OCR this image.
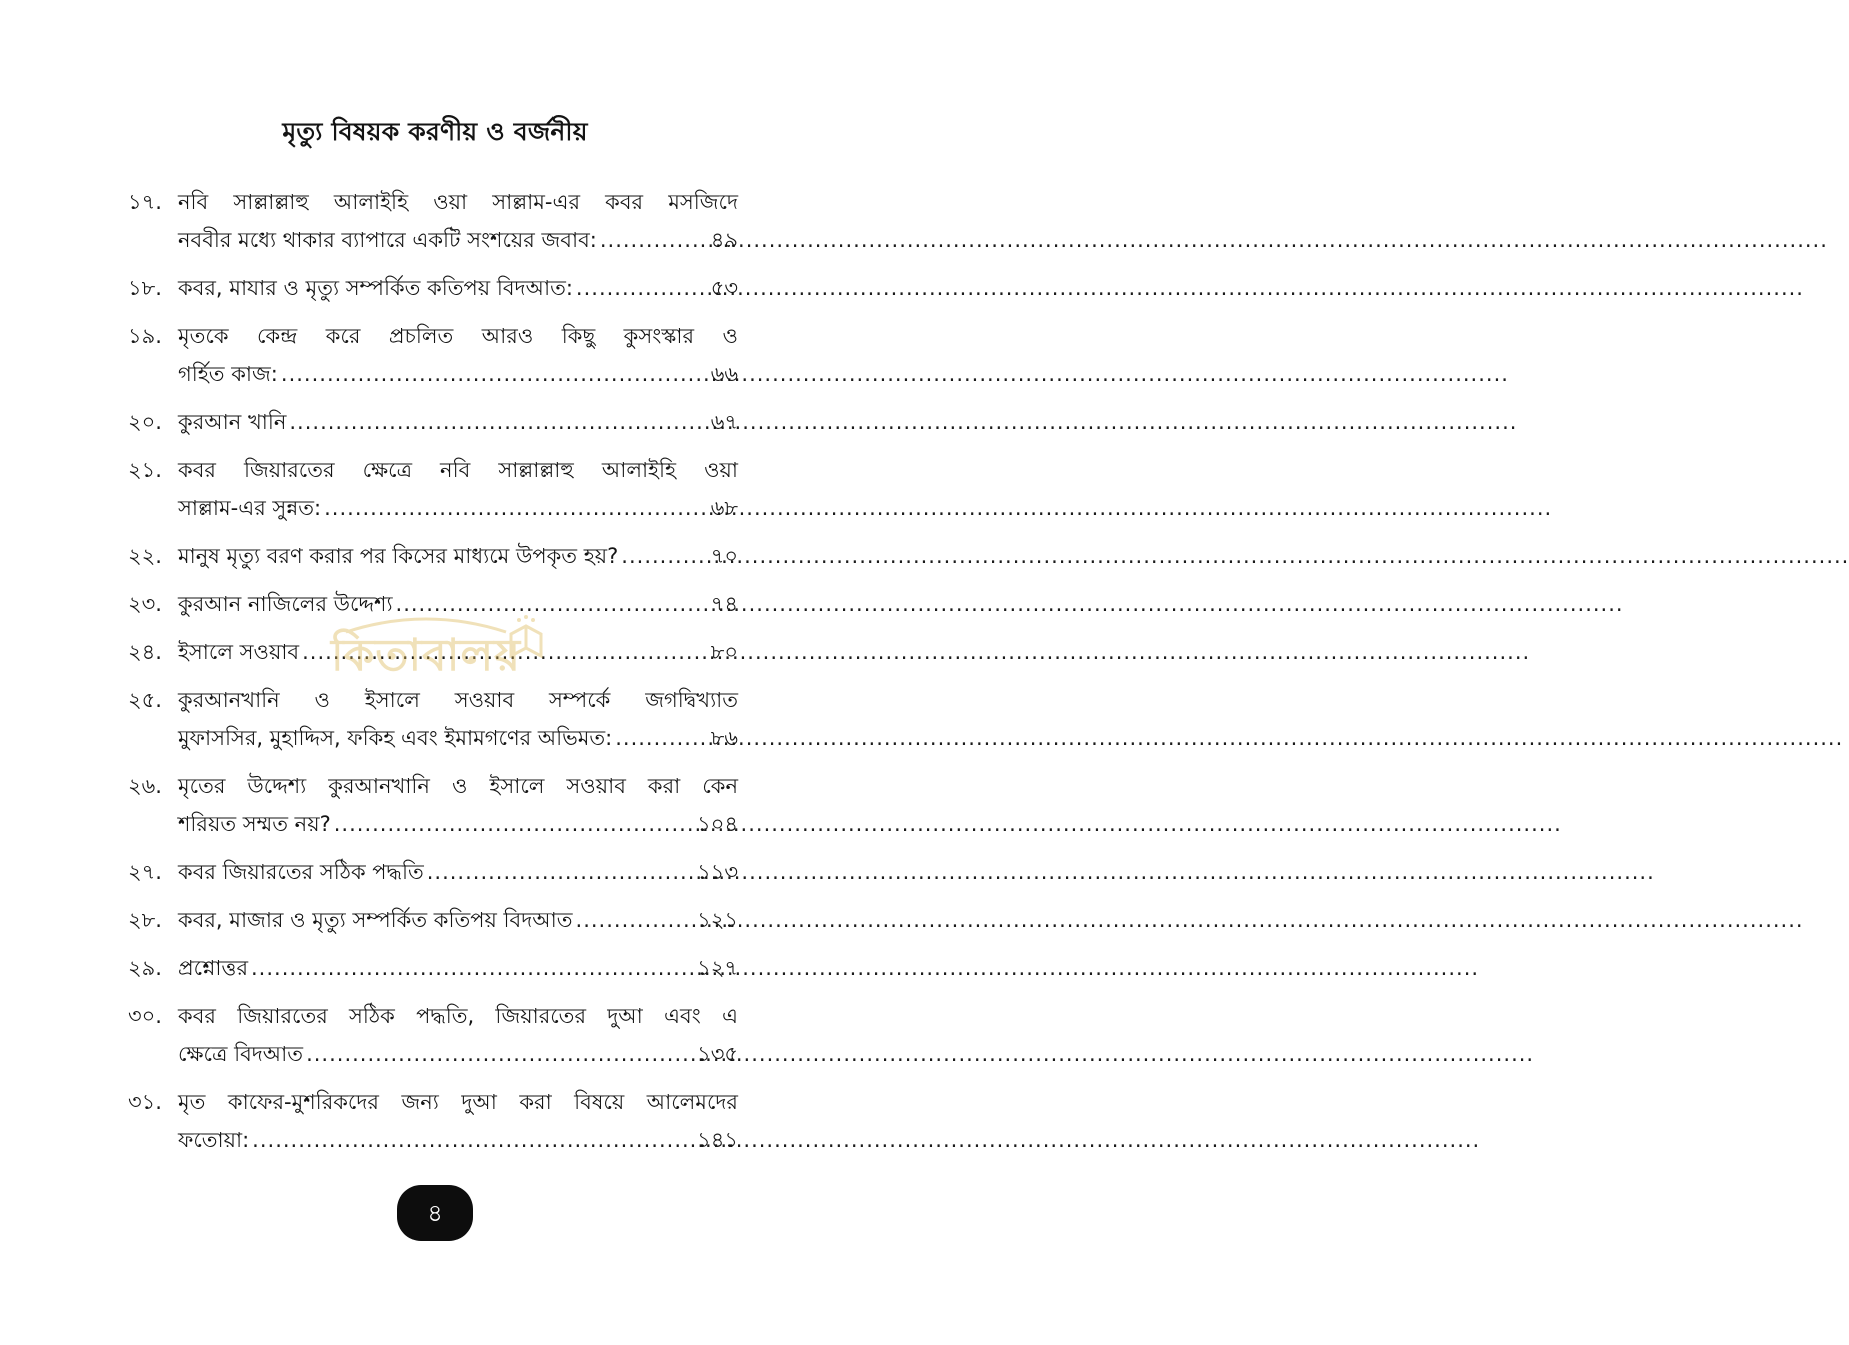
মৃত্যু বিষয়ক করণীয় ও বর্জনীয়
১৭. নবি সাল্লাল্লাহু আলাইহি ওয়া সাল্লাম-এর কবর মসজিদে
নববীর মধ্যে থাকার ব্যাপারে একটি সংশয়ের জবাব: .....	৪৯
১৮. কবর, মাযার ও মৃত্যু সম্পর্কিত কতিপয় বিদআত: .....	৫৩
১৯. মৃতকে কেন্দ্র করে প্রচলিত আরও কিছু কুসংস্কার ও
গর্হিত কাজ: .....	৬৬
২০. কুরআন খানি .....	৬৭
২১. কবর জিয়ারতের ক্ষেত্রে নবি সাল্লাল্লাহু আলাইহি ওয়া
সাল্লাম-এর সুন্নত: .....	৬৮
২২. মানুষ মৃত্যু বরণ করার পর কিসের মাধ্যমে উপকৃত হয়? .....	৭০
২৩. কুরআন নাজিলের উদ্দেশ্য .....	৭৪
২৪. ইসালে সওয়াব .....	৮০
২৫. কুরআনখানি ও ইসালে সওয়াব সম্পর্কে জগদ্বিখ্যাত
মুফাসসির, মুহাদ্দিস, ফকিহ এবং ইমামগণের অভিমত: .....	৮৬
২৬. মৃতের উদ্দেশ্য কুরআনখানি ও ইসালে সওয়াব করা কেন
শরিয়ত সম্মত নয়? .....	১০৪
২৭. কবর জিয়ারতের সঠিক পদ্ধতি .....	১১৩
২৮. কবর, মাজার ও মৃত্যু সম্পর্কিত কতিপয় বিদআত .....	১২১
২৯. প্রশ্নোত্তর .....	১২৭
৩০. কবর জিয়ারতের সঠিক পদ্ধতি, জিয়ারতের দুআ এবং এ
ক্ষেত্রে বিদআত .....	১৩৫
৩১. মৃত কাফের-মুশরিকদের জন্য দুআ করা বিষয়ে আলেমদের
ফতোয়া: .....	১৪১
কিতাবালয়
৪
